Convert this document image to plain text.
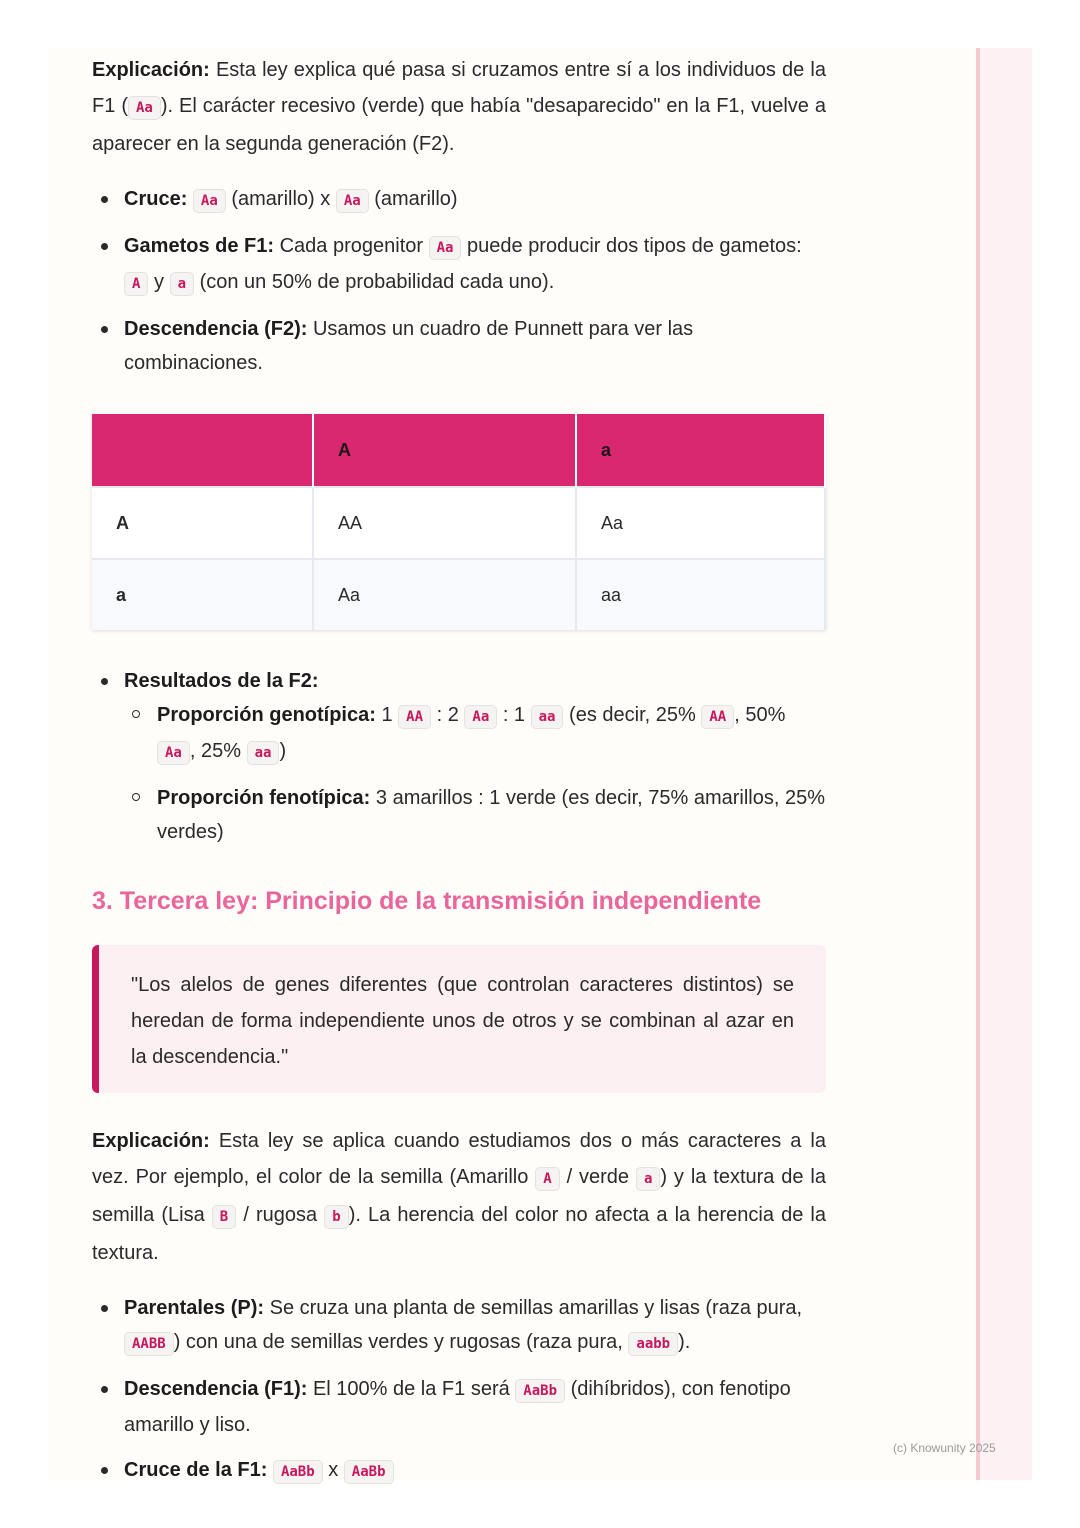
Explicación: Esta ley explica qué pasa si cruzamos entre sí a los individuos de la F1 ( Aa ). El carácter recesivo (verde) que había "desaparecido" en la F1, vuelve a aparecer en la segunda generación (F2).

Cruce: Aa (amarillo) x Aa (amarillo)
Gametos de F1: Cada progenitor Aa puede producir dos tipos de gametos: A y a (con un 50% de probabilidad cada uno).
Descendencia (F2): Usamos un cuadro de Punnett para ver las combinaciones.
	A	a
A	AA	Aa
a	Aa	aa
Resultados de la F2:
Proporción genotípica: 1 AA : 2 Aa : 1 aa (es decir, 25% AA , 50% Aa , 25% aa )
Proporción fenotípica: 3 amarillos : 1 verde (es decir, 75% amarillos, 25% verdes)
3. Tercera ley: Principio de la transmisión independiente
"Los alelos de genes diferentes (que controlan caracteres distintos) se heredan de forma independiente unos de otros y se combinan al azar en la descendencia."

Explicación: Esta ley se aplica cuando estudiamos dos o más caracteres a la vez. Por ejemplo, el color de la semilla (Amarillo A / verde a ) y la textura de la semilla (Lisa B / rugosa b ). La herencia del color no afecta a la herencia de la textura.

Parentales (P): Se cruza una planta de semillas amarillas y lisas (raza pura, AABB ) con una de semillas verdes y rugosas (raza pura, aabb ).
Descendencia (F1): El 100% de la F1 será AaBb (dihíbridos), con fenotipo amarillo y liso.
Cruce de la F1: AaBb x AaBb
(c) Knowunity 2025
